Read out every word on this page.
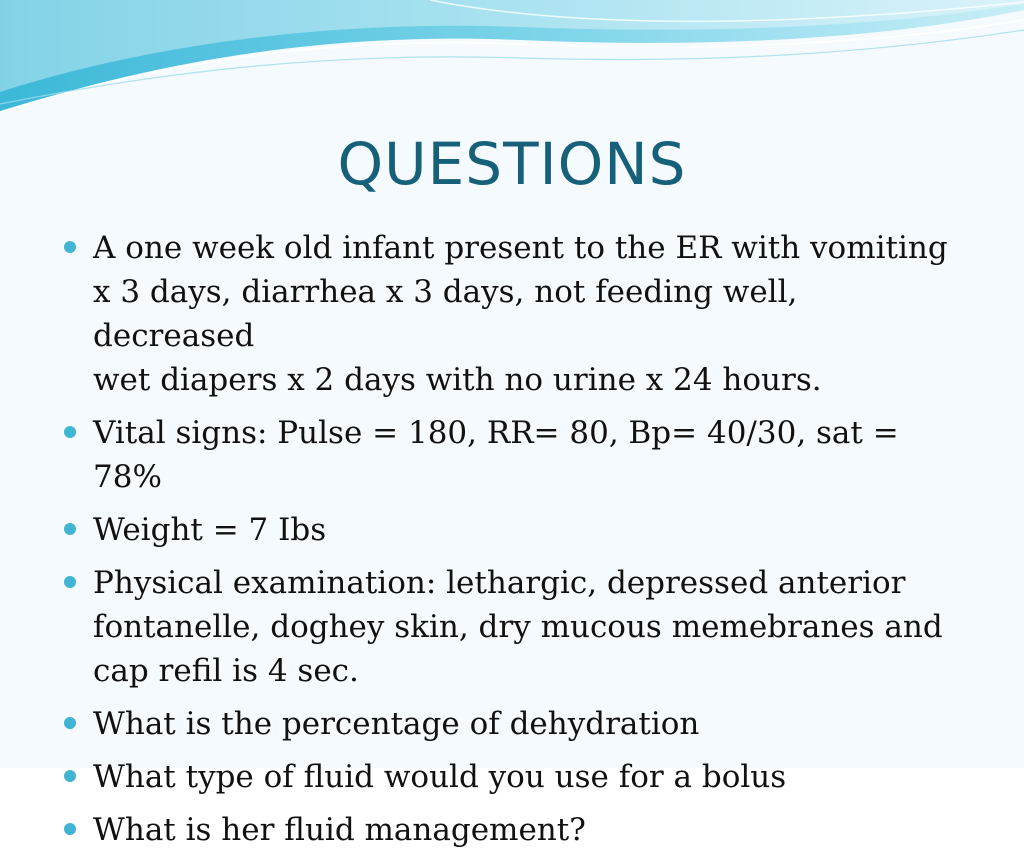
QUESTIONS
A one week old infant present to the ER with vomiting
x 3 days, diarrhea x 3 days, not feeding well, decreased
wet diapers x 2 days with no urine x 24 hours.
Vital signs: Pulse = 180, RR= 80, Bp= 40/30, sat = 78%
Weight = 7 Ibs
Physical examination: lethargic, depressed anterior
fontanelle, doghey skin, dry mucous memebranes and
cap refil is 4 sec.
What is the percentage of dehydration
What type of fluid would you use for a bolus
What is her fluid management?
